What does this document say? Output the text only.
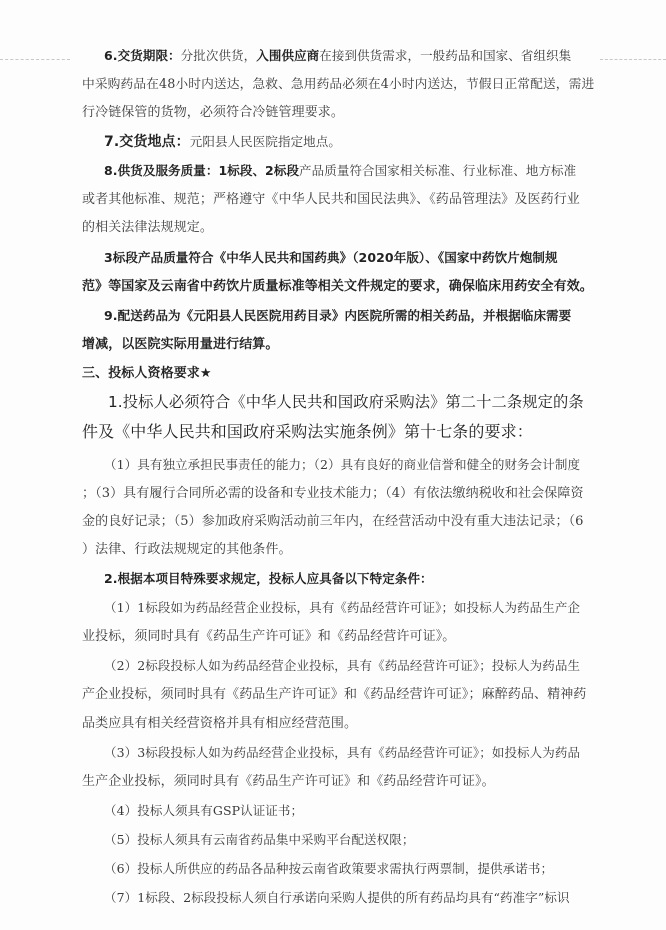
6.交货期限：分批次供货，入围供应商在接到供货需求，一般药品和国家、省组织集
中采购药品在48小时内送达，急救、急用药品必须在4小时内送达，节假日正常配送，需进
行冷链保管的货物，必须符合冷链管理要求。
7.交货地点：元阳县人民医院指定地点。
8.供货及服务质量：1标段、2标段产品质量符合国家相关标准、行业标准、地方标准
或者其他标准、规范；严格遵守《中华人民共和国民法典》、《药品管理法》及医药行业
的相关法律法规规定。
3标段产品质量符合《中华人民共和国药典》（2020年版）、《国家中药饮片炮制规
范》等国家及云南省中药饮片质量标准等相关文件规定的要求，确保临床用药安全有效。
9.配送药品为《元阳县人民医院用药目录》内医院所需的相关药品，并根据临床需要
增减，以医院实际用量进行结算。
三、投标人资格要求★
1.投标人必须符合《中华人民共和国政府采购法》第二十二条规定的条
件及《中华人民共和国政府采购法实施条例》第十七条的要求：
（1）具有独立承担民事责任的能力；（2）具有良好的商业信誉和健全的财务会计制度
；（3）具有履行合同所必需的设备和专业技术能力；（4）有依法缴纳税收和社会保障资
金的良好记录；（5）参加政府采购活动前三年内，在经营活动中没有重大违法记录；（6
）法律、行政法规规定的其他条件。
2.根据本项目特殊要求规定，投标人应具备以下特定条件：
（1）1标段如为药品经营企业投标，具有《药品经营许可证》；如投标人为药品生产企
业投标，须同时具有《药品生产许可证》和《药品经营许可证》。
（2）2标段投标人如为药品经营企业投标，具有《药品经营许可证》；投标人为药品生
产企业投标，须同时具有《药品生产许可证》和《药品经营许可证》；麻醉药品、精神药
品类应具有相关经营资格并具有相应经营范围。
（3）3标段投标人如为药品经营企业投标，具有《药品经营许可证》；如投标人为药品
生产企业投标，须同时具有《药品生产许可证》和《药品经营许可证》。
（4）投标人须具有GSP认证证书；
（5）投标人须具有云南省药品集中采购平台配送权限；
（6）投标人所供应的药品各品种按云南省政策要求需执行两票制，提供承诺书；
（7）1标段、2标段投标人须自行承诺向采购人提供的所有药品均具有“药准字”标识
